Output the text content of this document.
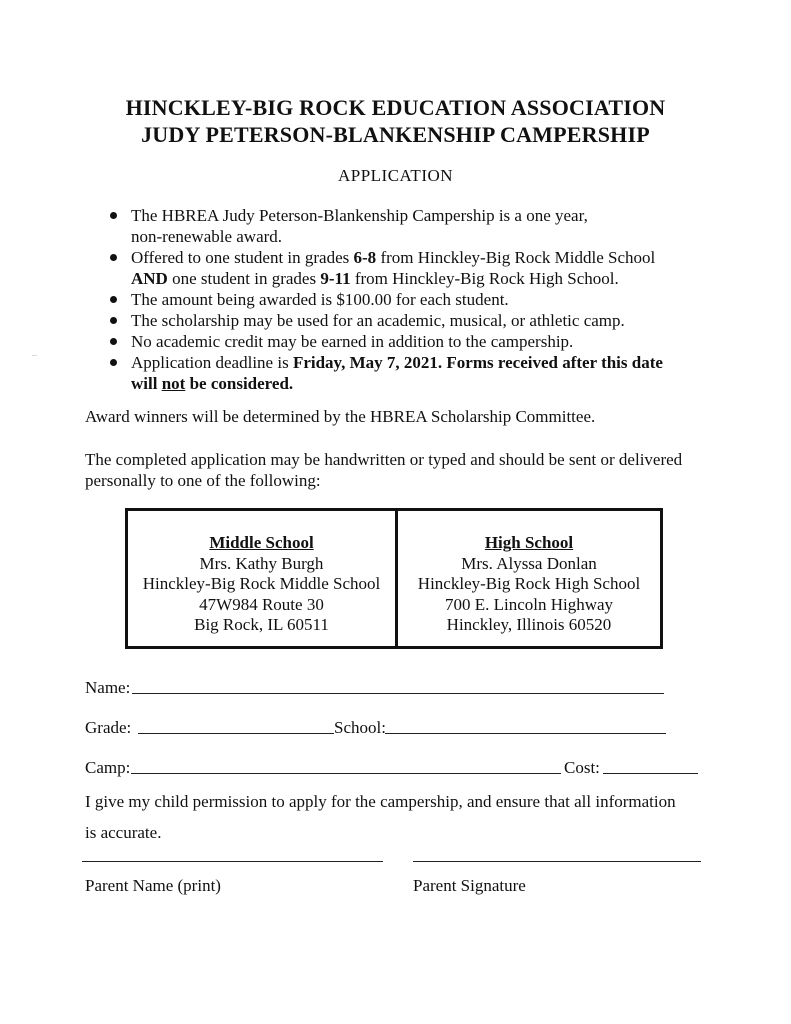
HINCKLEY-BIG ROCK EDUCATION ASSOCIATION
JUDY PETERSON-BLANKENSHIP CAMPERSHIP
APPLICATION
The HBREA Judy Peterson-Blankenship Campership is a one year,
non-renewable award.
Offered to one student in grades 6-8 from Hinckley-Big Rock Middle School
AND one student in grades 9-11 from Hinckley-Big Rock High School.
The amount being awarded is $100.00 for each student.
The scholarship may be used for an academic, musical, or athletic camp.
No academic credit may be earned in addition to the campership.
Application deadline is Friday, May 7, 2021. Forms received after this date
will not be considered.
–
Award winners will be determined by the HBREA Scholarship Committee.
The completed application may be handwritten or typed and should be sent or delivered personally to one of the following:
Middle School
Mrs. Kathy Burgh
Hinckley-Big Rock Middle School
47W984 Route 30
Big Rock, IL 60511
High School
Mrs. Alyssa Donlan
Hinckley-Big Rock High School
700 E. Lincoln Highway
Hinckley, Illinois 60520
Name:
Grade:	School:
Camp:	Cost:
I give my child permission to apply for the campership, and ensure that all information
is accurate.
Parent Name (print)	Parent Signature
